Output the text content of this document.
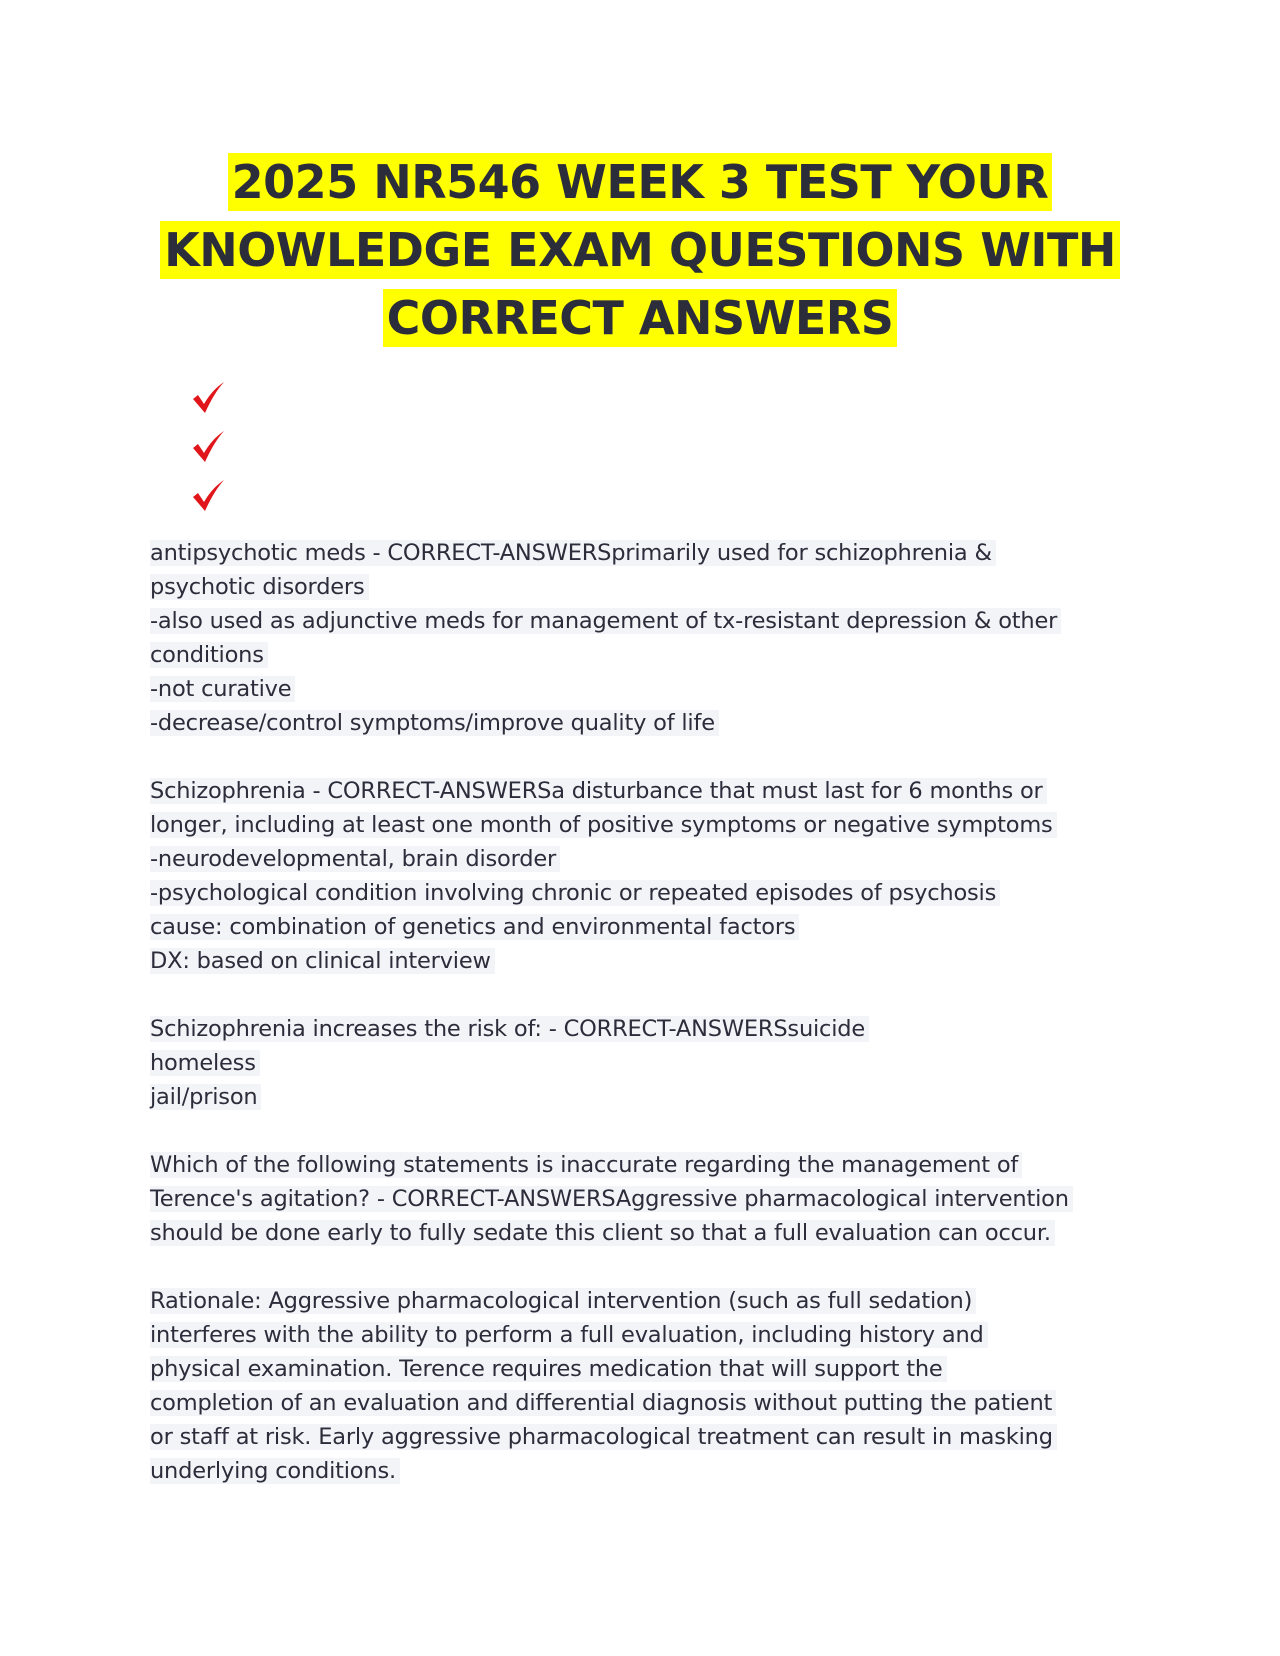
2025 NR546 WEEK 3 TEST YOUR
KNOWLEDGE EXAM QUESTIONS WITH
CORRECT ANSWERS
antipsychotic meds - CORRECT-ANSWERSprimarily used for schizophrenia &
psychotic disorders
-also used as adjunctive meds for management of tx-resistant depression & other
conditions
-not curative
-decrease/control symptoms/improve quality of life
Schizophrenia - CORRECT-ANSWERSa disturbance that must last for 6 months or
longer, including at least one month of positive symptoms or negative symptoms
-neurodevelopmental, brain disorder
-psychological condition involving chronic or repeated episodes of psychosis
cause: combination of genetics and environmental factors
DX: based on clinical interview
Schizophrenia increases the risk of: - CORRECT-ANSWERSsuicide
homeless
jail/prison
Which of the following statements is inaccurate regarding the management of
Terence's agitation? - CORRECT-ANSWERSAggressive pharmacological intervention
should be done early to fully sedate this client so that a full evaluation can occur.
Rationale: Aggressive pharmacological intervention (such as full sedation)
interferes with the ability to perform a full evaluation, including history and
physical examination. Terence requires medication that will support the
completion of an evaluation and differential diagnosis without putting the patient
or staff at risk. Early aggressive pharmacological treatment can result in masking
underlying conditions.
